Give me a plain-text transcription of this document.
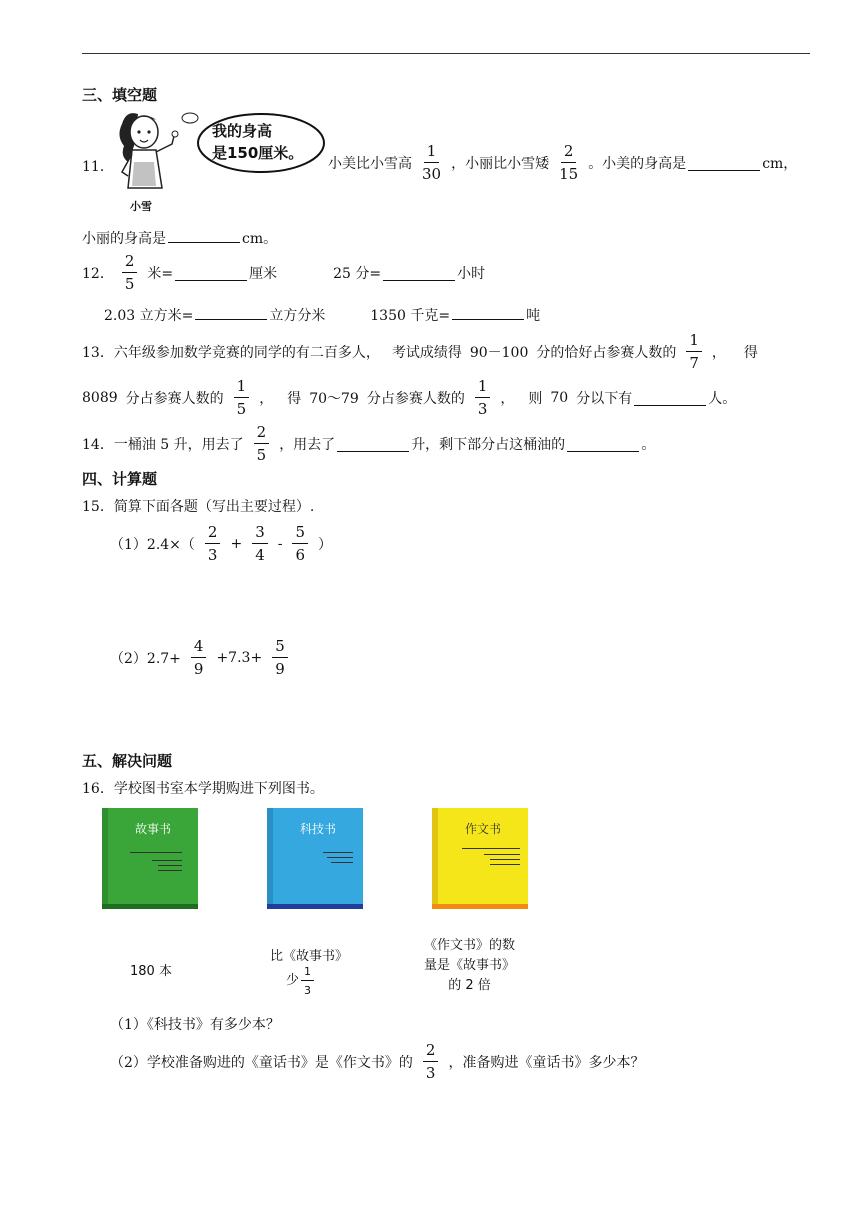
三、填空题
11．
小雪
我的身高
是150厘米。
小美比小雪高 $\frac{1}{30}$ ，小丽比小雪矮 $\frac{2}{15}$ 。小美的身高是	cm，
小丽的身高是	cm。
12． $\frac{2}{5}$ 米=	厘米	25 分=	小时
2.03 立方米=	立方分米	1350 千克=	吨
13． 六年级参加数学竞赛的同学的有二百多人， 考试成绩得 90－100 分的恰好占参赛人数的 $\frac{1}{7}$ ， 得
8089 分占参赛人数的 $\frac{1}{5}$ ， 得 70～79 分占参赛人数的 $\frac{1}{3}$ ， 则 70 分以下有	人。
14． 一桶油 5 升，用去了 $\frac{2}{5}$ ，用去了	升，剩下部分占这桶油的	。
四、计算题
15．简算下面各题（写出主要过程）.
$(1)2.4\times( \frac{2}{3} + \frac{3}{4} - \frac{5}{6}$ ）
$(2)2.7+ \frac{4}{9} +7.3+ \frac{5}{9}$
五、解决问题
16．学校图书室本学期购进下列图书。
故事书	科技书	作文书
180 本
比《故事书》
少 $\frac{1}{3}$
《作文书》的数
量是《故事书》
的 2 倍
（1）《科技书》有多少本？
（2）学校准备购进的《童话书》是《作文书》的 $\frac{2}{3}$ ，准备购进《童话书》多少本？
